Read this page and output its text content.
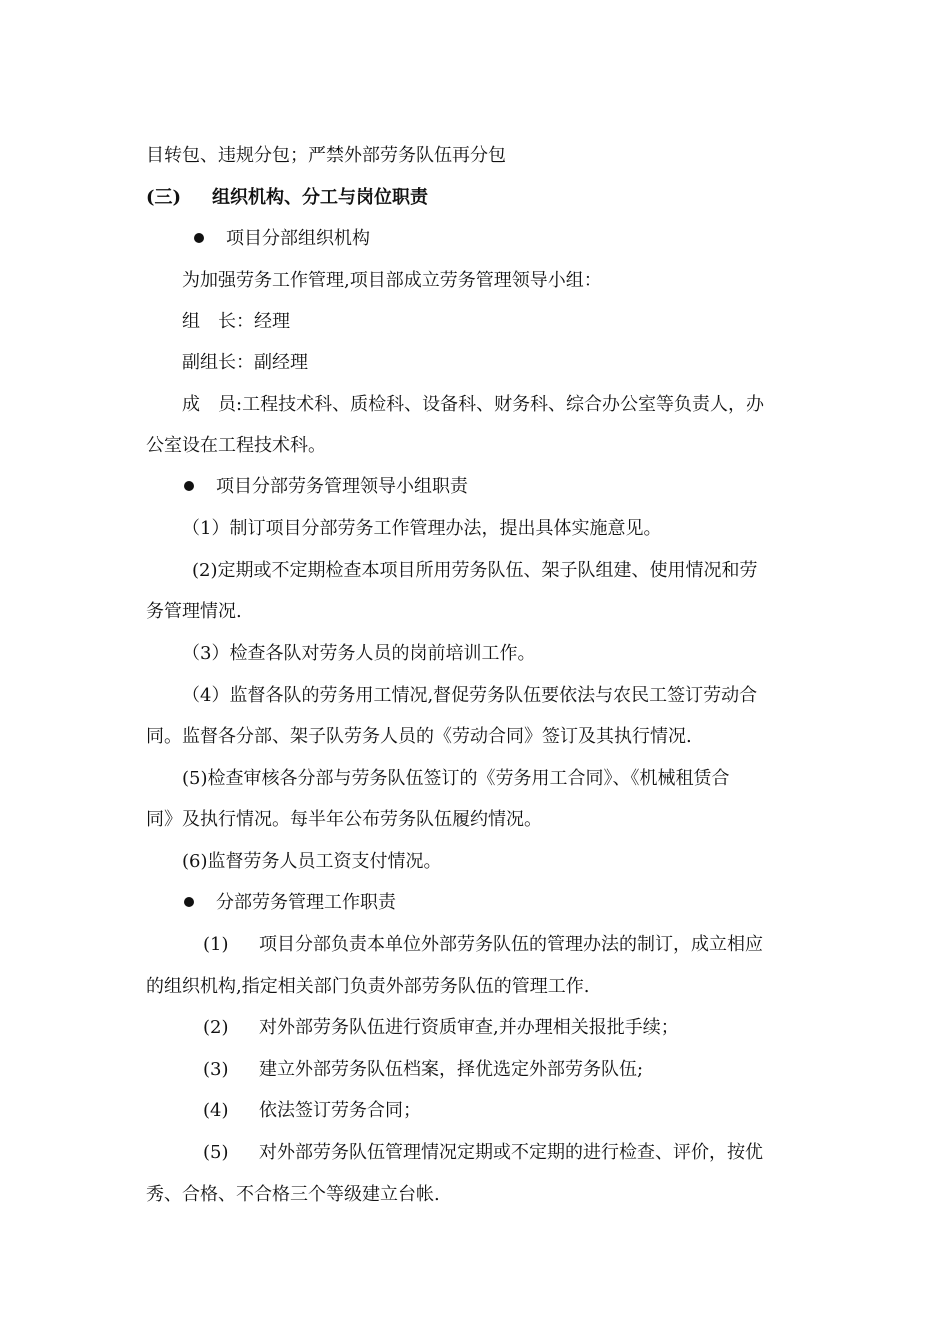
目转包、违规分包；严禁外部劳务队伍再分包
(三) 组织机构、分工与岗位职责
项目分部组织机构
为加强劳务工作管理,项目部成立劳务管理领导小组：
组　长：经理
副组长：副经理
成　员:工程技术科、质检科、设备科、财务科、综合办公室等负责人，办
公室设在工程技术科。
项目分部劳务管理领导小组职责
（1）制订项目分部劳务工作管理办法，提出具体实施意见。
(2)定期或不定期检查本项目所用劳务队伍、架子队组建、使用情况和劳
务管理情况.
（3）检查各队对劳务人员的岗前培训工作。
（4）监督各队的劳务用工情况,督促劳务队伍要依法与农民工签订劳动合
同。监督各分部、架子队劳务人员的《劳动合同》签订及其执行情况.
(5)检查审核各分部与劳务队伍签订的《劳务用工合同》、《机械租赁合
同》及执行情况。每半年公布劳务队伍履约情况。
(6)监督劳务人员工资支付情况。
分部劳务管理工作职责
(1) 项目分部负责本单位外部劳务队伍的管理办法的制订，成立相应
的组织机构,指定相关部门负责外部劳务队伍的管理工作.
(2) 对外部劳务队伍进行资质审查,并办理相关报批手续；
(3) 建立外部劳务队伍档案，择优选定外部劳务队伍;
(4) 依法签订劳务合同；
(5) 对外部劳务队伍管理情况定期或不定期的进行检查、评价，按优
秀、合格、不合格三个等级建立台帐.
